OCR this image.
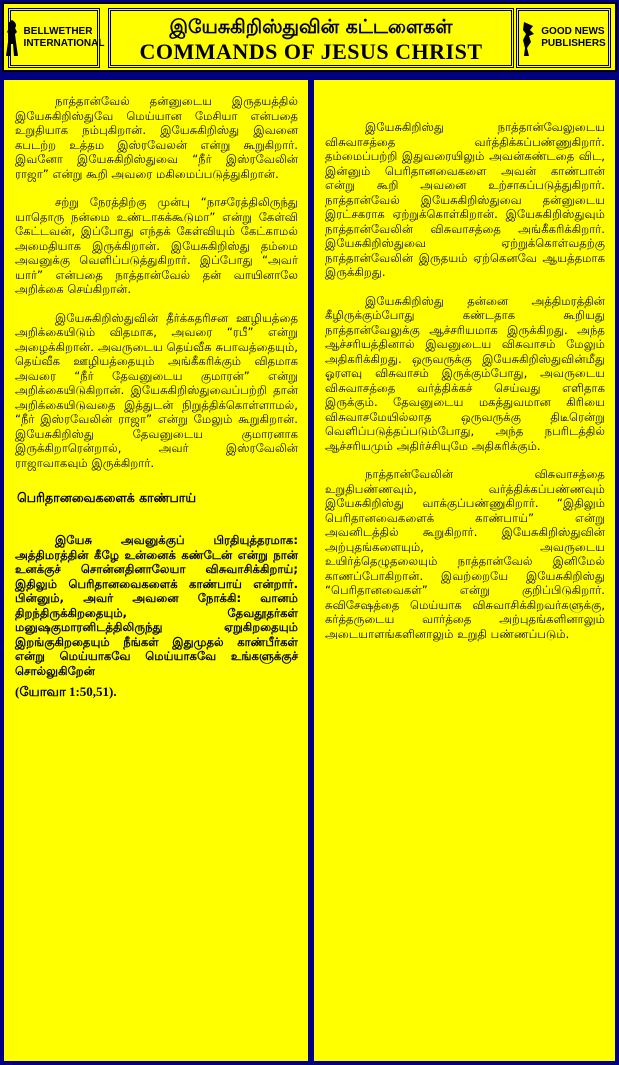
BELLWETHER
INTERNATIONAL
இயேசுகிறிஸ்துவின் கட்டளைகள்
COMMANDS OF JESUS CHRIST
GOOD NEWS
PUBLISHERS

நாத்தான்வேல் தன்னுடைய இருதயத்தில் இயேசுகிறிஸ்துவே மெய்யான மேசியா என்பதை உறுதியாக நம்புகிறான். இயேசுகிறிஸ்து இவனை கபடற்ற உத்தம இஸ்ரவேலன் என்று கூறுகிறார். இவனோ இயேசுகிறிஸ்துவை “நீர் இஸ்ரவேலின் ராஜா” என்று கூறி அவரை மகிமைப்படுத்துகிறான்.

சற்று நேரத்திற்கு முன்பு “நாசரேத்திலிருந்து யாதொரு நன்மை உண்டாகக்கூடுமா” என்று கேள்வி கேட்டவன், இப்போது எந்தக் கேள்வியும் கேட்காமல் அமைதியாக இருக்கிறான். இயேசுகிறிஸ்து தம்மை அவனுக்கு வெளிப்படுத்துகிறார். இப்போது “அவர் யார்” என்பதை நாத்தான்வேல் தன் வாயினாலே அறிக்கை செய்கிறான்.

இயேசுகிறிஸ்துவின் தீர்க்கதரிசன ஊழியத்தை அறிக்கையிடும் விதமாக, அவரை “ரபீ” என்று அழைக்கிறான். அவருடைய தெய்வீக சுபாவத்தையும், தெய்வீக ஊழியத்தையும் அங்கீகரிக்கும் விதமாக அவரை “நீர் தேவனுடைய குமாரன்” என்று அறிக்கையிடுகிறான். இயேசுகிறிஸ்துவைப்பற்றி தான் அறிக்கையிடுவதை இத்துடன் நிறுத்திக்கொள்ளாமல், “நீர் இஸ்ரவேலின் ராஜா” என்று மேலும் கூறுகிறான். இயேசுகிறிஸ்து தேவனுடைய குமாரனாக இருக்கிறாரென்றால், அவர் இஸ்ரவேலின் ராஜாவாகவும் இருக்கிறார்.

பெரிதானவைகளைக் காண்பாய்

இயேசு அவனுக்குப் பிரதியுத்தரமாக: அத்திமரத்தின் கீழே உன்னைக் கண்டேன் என்று நான் உனக்குச் சொன்னதினாலேயா விசுவாசிக்கிறாய்; இதிலும் பெரிதானவைகளைக் காண்பாய் என்றார். பின்னும், அவர் அவனை நோக்கி: வானம் திறந்திருக்கிறதையும், தேவதூதர்கள் மனுஷகுமாரனிடத்திலிருந்து ஏறுகிறதையும் இறங்குகிறதையும் நீங்கள் இதுமுதல் காண்பீர்கள் என்று மெய்யாகவே மெய்யாகவே உங்களுக்குச் சொல்லுகிறேன்

(யோவா 1:50,51).

இயேசுகிறிஸ்து நாத்தான்வேலுடைய விசுவாசத்தை வர்த்திக்கப்பண்ணுகிறார். தம்மைப்பற்றி இதுவரையிலும் அவன்கண்டதை விட, இன்னும் பெரிதானவைகளை அவன் காண்பான் என்று கூறி அவனை உற்சாகப்படுத்துகிறார். நாத்தான்வேல் இயேசுகிறிஸ்துவை தன்னுடைய இரட்சகராக ஏற்றுக்கொள்கிறான். இயேசுகிறிஸ்துவும் நாத்தான்வேலின் விசுவாசத்தை அங்கீகரிக்கிறார். இயேசுகிறிஸ்துவை ஏற்றுக்கொள்வதற்கு நாத்தான்வேலின் இருதயம் ஏற்கெனவே ஆயத்தமாக இருக்கிறது.

இயேசுகிறிஸ்து தன்னை அத்திமரத்தின் கீழிருக்கும்போது கண்டதாக கூறியது நாத்தான்வேலுக்கு ஆச்சரியமாக இருக்கிறது. அந்த ஆச்சரியத்தினால் இவனுடைய விசுவாசம் மேலும் அதிகரிக்கிறது. ஒருவருக்கு இயேசுகிறிஸ்துவின்மீது ஓரளவு விசுவாசம் இருக்கும்போது, அவருடைய விசுவாசத்தை வர்த்திக்கச் செய்வது எளிதாக இருக்கும். தேவனுடைய மகத்துவமான கிரியை விசுவாசமேயில்லாத ஒருவருக்கு திடீரென்று வெளிப்படுத்தப்படும்போது, அந்த நபரிடத்தில் ஆச்சரியமும் அதிர்ச்சியுமே அதிகரிக்கும்.

நாத்தான்வேலின் விசுவாசத்தை உறுதிபண்ணவும், வர்த்திக்கப்பண்ணவும் இயேசுகிறிஸ்து வாக்குப்பண்ணுகிறார். “இதிலும் பெரிதானவைகளைக் காண்பாய்” என்று அவனிடத்தில் கூறுகிறார். இயேசுகிறிஸ்துவின் அற்புதங்களையும், அவருடைய உயிர்த்தெழுதலையும் நாத்தான்வேல் இனிமேல் காணப்போகிறான். இவற்றையே இயேசுகிறிஸ்து “பெரிதானவைகள்” என்று குறிப்பிடுகிறார். சுவிசேஷத்தை மெய்யாக விசுவாசிக்கிறவர்களுக்கு, கர்த்தருடைய வார்த்தை அற்புதங்களினாலும் அடையாளங்களினாலும் உறுதி பண்ணப்படும்.
